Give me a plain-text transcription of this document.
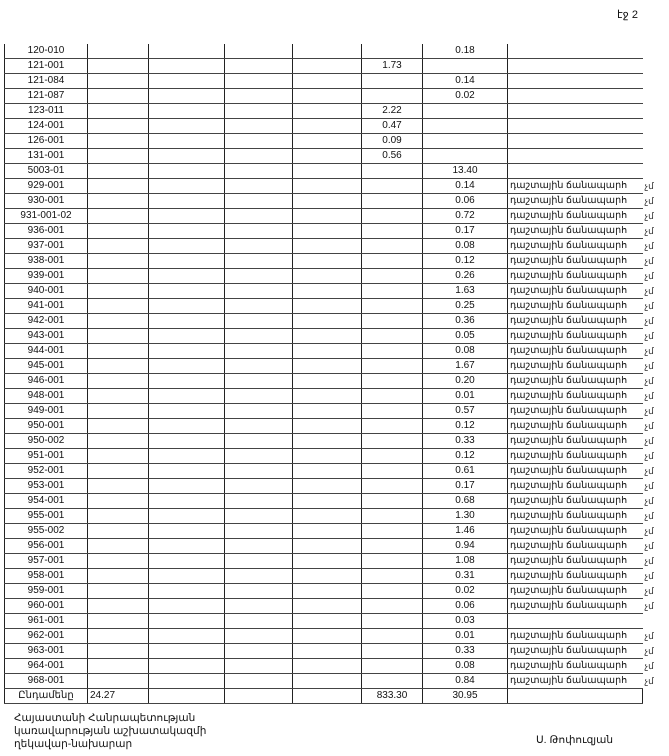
էջ 2
120-010						0.18		
121-001					1.73			
121-084						0.14		
121-087						0.02		
123-011					2.22			
124-001					0.47			
126-001					0.09			
131-001					0.56			
5003-01						13.40		
929-001						0.14	դաշտային ճանապարհ	չմ
930-001						0.06	դաշտային ճանապարհ	չմ
931-001-02						0.72	դաշտային ճանապարհ	չմ
936-001						0.17	դաշտային ճանապարհ	չմ
937-001						0.08	դաշտային ճանապարհ	չմ
938-001						0.12	դաշտային ճանապարհ	չմ
939-001						0.26	դաշտային ճանապարհ	չմ
940-001						1.63	դաշտային ճանապարհ	չմ
941-001						0.25	դաշտային ճանապարհ	չմ
942-001						0.36	դաշտային ճանապարհ	չմ
943-001						0.05	դաշտային ճանապարհ	չմ
944-001						0.08	դաշտային ճանապարհ	չմ
945-001						1.67	դաշտային ճանապարհ	չմ
946-001						0.20	դաշտային ճանապարհ	չմ
948-001						0.01	դաշտային ճանապարհ	չմ
949-001						0.57	դաշտային ճանապարհ	չմ
950-001						0.12	դաշտային ճանապարհ	չմ
950-002						0.33	դաշտային ճանապարհ	չմ
951-001						0.12	դաշտային ճանապարհ	չմ
952-001						0.61	դաշտային ճանապարհ	չմ
953-001						0.17	դաշտային ճանապարհ	չմ
954-001						0.68	դաշտային ճանապարհ	չմ
955-001						1.30	դաշտային ճանապարհ	չմ
955-002						1.46	դաշտային ճանապարհ	չմ
956-001						0.94	դաշտային ճանապարհ	չմ
957-001						1.08	դաշտային ճանապարհ	չմ
958-001						0.31	դաշտային ճանապարհ	չմ
959-001						0.02	դաշտային ճանապարհ	չմ
960-001						0.06	դաշտային ճանապարհ	չմ
961-001						0.03		
962-001						0.01	դաշտային ճանապարհ	չմ
963-001						0.33	դաշտային ճանապարհ	չմ
964-001						0.08	դաշտային ճանապարհ	չմ
968-001						0.84	դաշտային ճանապարհ	չմ
Ընդամենը	24.27				833.30	30.95		
Հայաստանի Հանրապետության
կառավարության աշխատակազմի
ղեկավար-նախարար	Ս. Թոփուզյան
